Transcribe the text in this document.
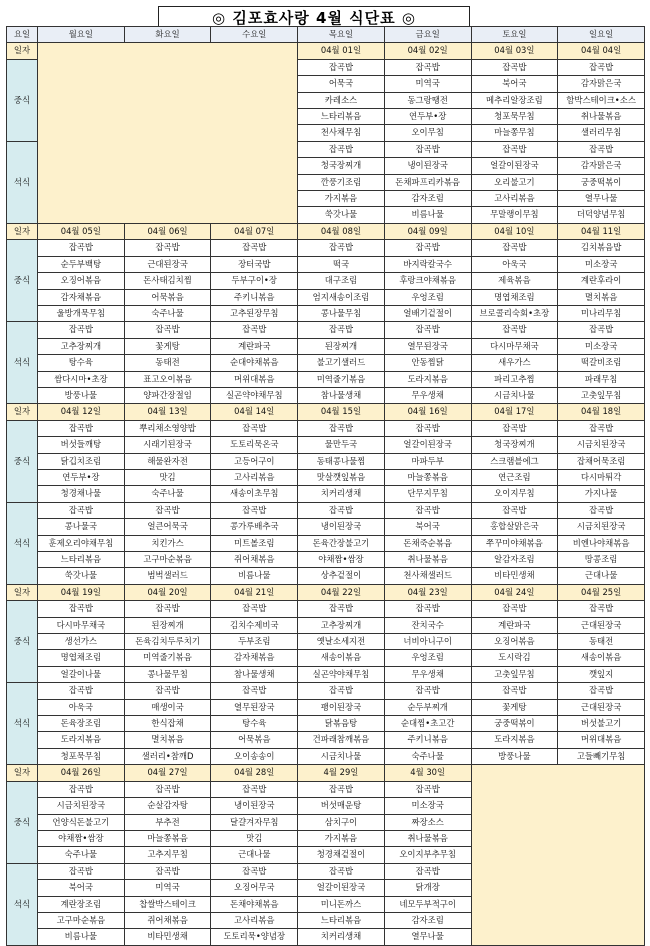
◎ 김포효사랑 4월 식단표 ◎
요일	월요일	화요일	수요일	목요일	금요일	토요일	일요일
일자				04월 01일	04월 02일	04월 03일	04월 04일
중식				잡곡밥	잡곡밥	잡곡밥	잡곡밥
				어묵국	미역국	북어국	감자맑은국
				카레소스	동그랑땡전	메추리알장조림	함박스테이크•소스
				느타리볶음	연두부•장	청포묵무침	취나물볶음
				천사채무침	오이무침	마늘쫑무침	샐러리무침
석식				잡곡밥	잡곡밥	잡곡밥	잡곡밥
				청국장찌개	냉이된장국	얼갈이된장국	감자맑은국
				깐풍기조림	돈채파프리카볶음	오리불고기	궁중떡볶이
				가지볶음	감자조림	고사리볶음	열무나물
				쑥갓나물	비름나물	무말랭이무침	더덕양념무침
일자	04월 05일	04월 06일	04월 07일	04월 08일	04월 09일	04월 10일	04월 11일
중식	잡곡밥	잡곡밥	잡곡밥	잡곡밥	잡곡밥	잡곡밥	김치볶음밥
	순두부백탕	근대된장국	장터국밥	떡국	바지락칼국수	아욱국	미소장국
	오징어볶음	돈사태김치찜	두부구이•장	대구조림	후랑크야채볶음	제육볶음	계란후라이
	감자채볶음	어묵볶음	주키니볶음	엄지새송이조림	우엉조림	명엽채조림	멸치볶음
	울방개묵무침	숙주나물	고추된장무침	콩나물무침	얼배기겉절이	브로콜리숙회•초장	미나리무침
석식	잡곡밥	잡곡밥	잡곡밥	잡곡밥	잡곡밥	잡곡밥	잡곡밥
	고추장찌개	꽃게탕	계란파국	된장찌개	열무된장국	다시마무채국	미소장국
	탕수육	동태전	순대야채볶음	불고기샐러드	안동찜닭	새우가스	떡갈비조림
	쌈다시마•초장	표고오이볶음	머위대볶음	미역줄기볶음	도라지볶음	파리고추찜	파래무침
	방풍나물	양파간장절임	실곤약야채무침	참나물생채	무우생채	시금치나물	고춧잎무침
일자	04월 12일	04월 13일	04월 14일	04월 15일	04월 16일	04월 17일	04월 18일
중식	잡곡밥	뿌리채소영양밥	잡곡밥	잡곡밥	잡곡밥	잡곡밥	잡곡밥
	버섯들깨탕	시래기된장국	도토리묵온국	물만두국	얼갈이된장국	청국장찌개	시금치된장국
	닭깁치조림	해물완자전	고등어구이	동태콩나물찜	마파두부	스크램블에그	잡채어묵조림
	연두부•장	맛김	고사리볶음	맛살깻잎볶음	마늘쫑볶음	연근조림	다시마튀각
	청경채나물	숙주나물	새송이초무침	치커리생채	단무지무침	오이지무침	가지나물
석식	잡곡밥	잡곡밥	잡곡밥	잡곡밥	잡곡밥	잡곡밥	잡곡밥
	콩나물국	얼큰어묵국	콩가루배추국	냉이된장국	북어국	홍합살맑은국	시금치된장국
	훈제오리야채무침	치킨가스	미트볼조림	돈육간장불고기	돈채죽순볶음	쭈꾸미야채볶음	비엔나야채볶음
	느타리볶음	고구마순볶음	쥐어채볶음	야채짬•쌈장	취나물볶음	알감자조림	땅콩조림
	쑥갓나물	범벅샐러드	비름나물	상추겉절이	천사채샐러드	비타민생채	근대나물
일자	04월 19일	04월 20일	04월 21일	04월 22일	04월 23일	04월 24일	04월 25일
중식	잡곡밥	잡곡밥	잡곡밥	잡곡밥	잡곡밥	잡곡밥	잡곡밥
	다시마무채국	된장찌개	김치수제비국	고추장찌개	잔치국수	계란파국	근대된장국
	생선가스	돈육김치두루치기	두부조림	옛날소세지전	너비아니구이	오징어볶음	동태전
	명엽채조림	미역줄기볶음	감자채볶음	새송이볶음	우엉조림	도시락김	새송이볶음
	얼갈이나물	콩나물무침	참나물생채	실곤약야채무침	무우생채	고춧잎무침	깻잎지
석식	잡곡밥	잡곡밥	잡곡밥	잡곡밥	잡곡밥	잡곡밥	잡곡밥
	아욱국	매생이국	열무된장국	팽이된장국	순두부찌개	꽃게탕	근대된장국
	돈육장조림	한식잡채	탕수육	닭볶음탕	순대찜•초고간	궁중떡볶이	버섯불고기
	도라지볶음	멸치볶음	어묵볶음	건파래참깨볶음	주키니볶음	도라지볶음	머위대볶음
	청포묵무침	샐러리•참깨D	오이송송이	시금치나물	숙주나물	방풍나물	고들빼기무침
일자	04월 26일	04월 27일	04월 28일	4월 29일	4월 30일		
중식	잡곡밥	잡곡밥	잡곡밥	잡곡밥	잡곡밥		
	시금치된장국	순살감자탕	냉이된장국	버섯매운탕	미소장국		
	언양식돈불고기	부추전	달걀겨자무침	삼치구이	짜장소스		
	야채짬•쌈장	마늘쫑볶음	맛김	가지볶음	취나물볶음		
	숙주나물	고추지무침	근대나물	청경채겉절이	오이지부추무침		
석식	잡곡밥	잡곡밥	잡곡밥	잡곡밥	잡곡밥		
	북어국	미역국	오징어무국	얼갈이된장국	닭개장		
	계란장조림	찹쌀박스테이크	돈채야채볶음	미니돈까스	네모두부적구이		
	고구마순볶음	쥐어채볶음	고사리볶음	느타리볶음	감자조림		
	비름나물	비타민생채	도토리묵•양념장	치커리생채	열무나물		
